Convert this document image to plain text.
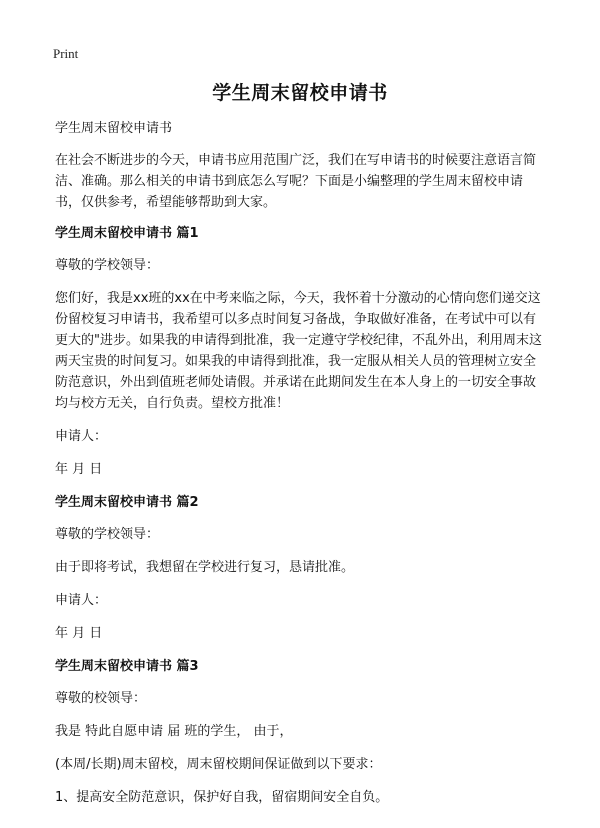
Print
学生周末留校申请书

学生周末留校申请书

在社会不断进步的今天，申请书应用范围广泛，我们在写申请书的时候要注意语言简洁、准确。那么相关的申请书到底怎么写呢？下面是小编整理的学生周末留校申请书，仅供参考，希望能够帮助到大家。

学生周末留校申请书 篇1

尊敬的学校领导：

您们好，我是xx班的xx在中考来临之际，今天，我怀着十分激动的心情向您们递交这份留校复习申请书，我希望可以多点时间复习备战，争取做好准备，在考试中可以有更大的"进步。如果我的申请得到批准，我一定遵守学校纪律，不乱外出，利用周末这两天宝贵的时间复习。如果我的申请得到批准，我一定服从相关人员的管理树立安全防范意识，外出到值班老师处请假。并承诺在此期间发生在本人身上的一切安全事故均与校方无关，自行负责。望校方批准！

申请人：

年 月 日

学生周末留校申请书 篇2

尊敬的学校领导：

由于即将考试，我想留在学校进行复习，恳请批准。

申请人：

年 月 日

学生周末留校申请书 篇3

尊敬的校领导：

我是 特此自愿申请 届 班的学生， 由于，

(本周/长期)周末留校，周末留校期间保证做到以下要求：

1、提高安全防范意识，保护好自我，留宿期间安全自负。
